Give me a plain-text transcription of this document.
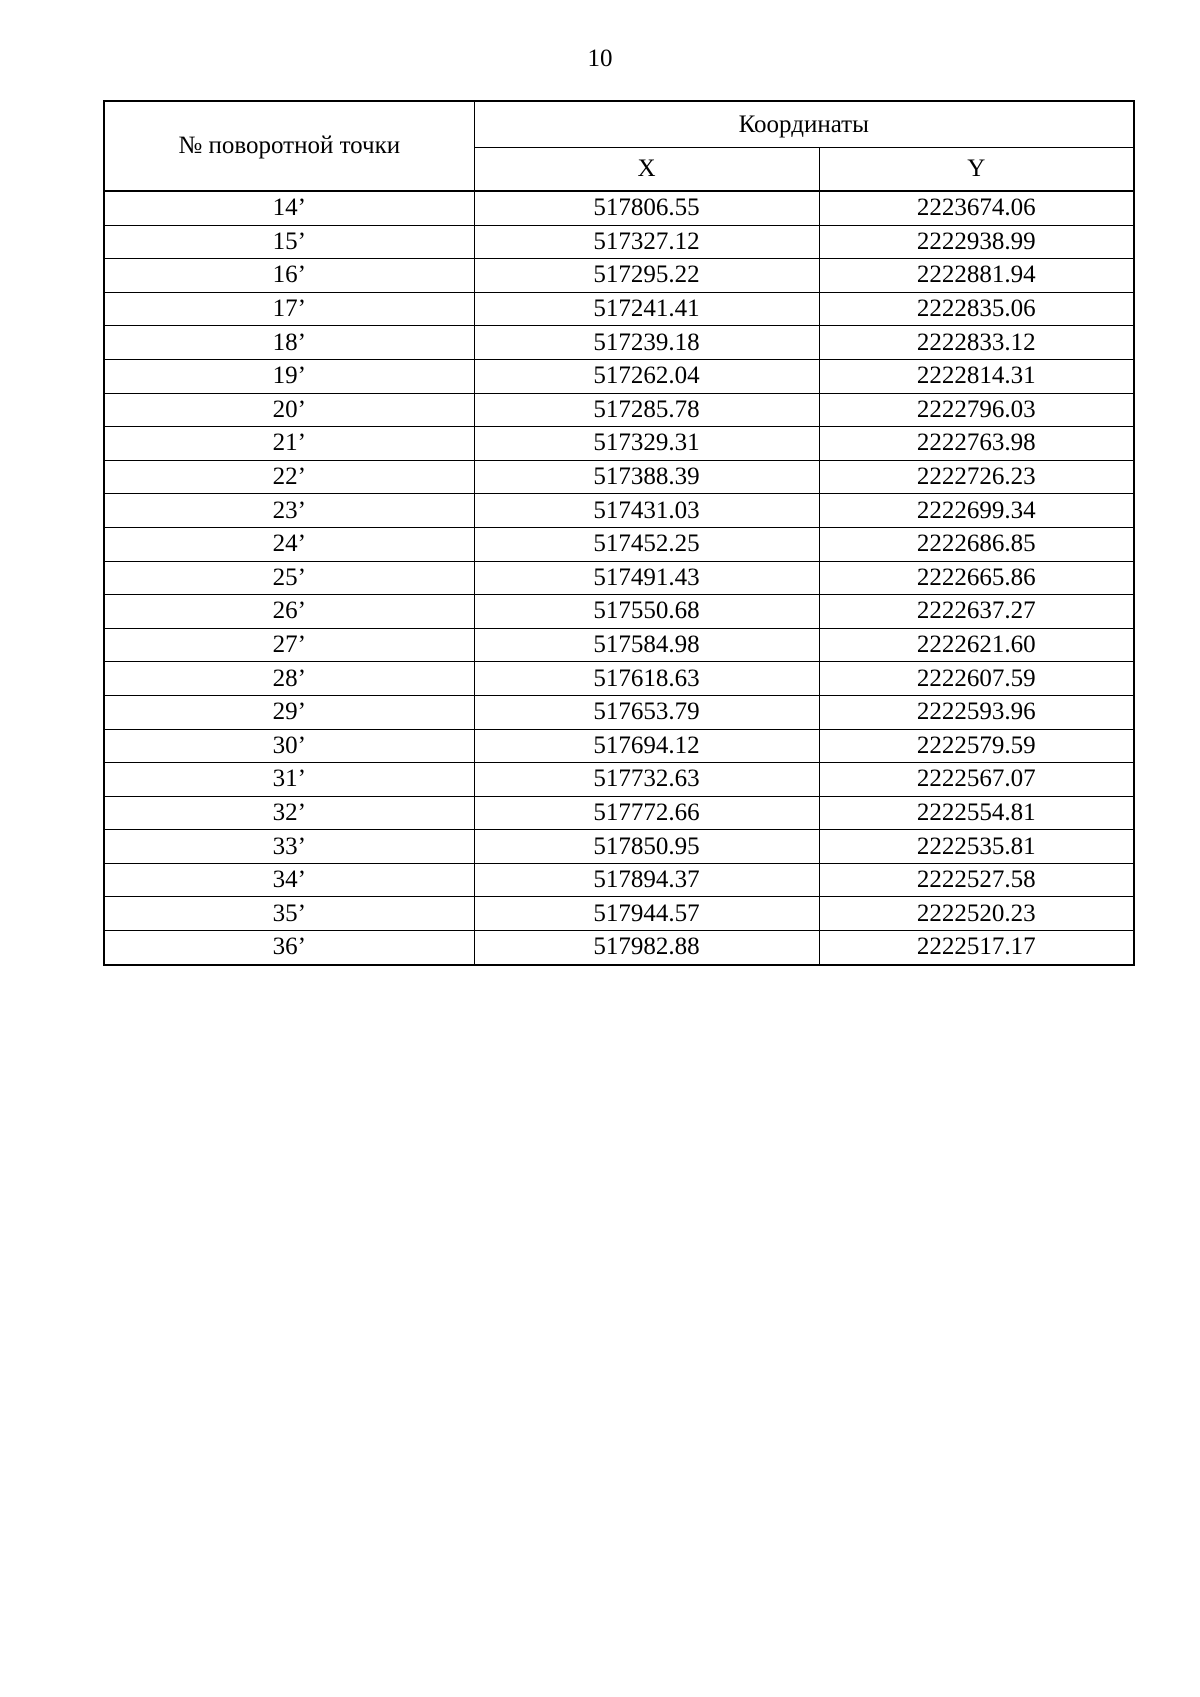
10
№ поворотной точки	Координаты	
	X	Y
14’	517806.55	2223674.06
15’	517327.12	2222938.99
16’	517295.22	2222881.94
17’	517241.41	2222835.06
18’	517239.18	2222833.12
19’	517262.04	2222814.31
20’	517285.78	2222796.03
21’	517329.31	2222763.98
22’	517388.39	2222726.23
23’	517431.03	2222699.34
24’	517452.25	2222686.85
25’	517491.43	2222665.86
26’	517550.68	2222637.27
27’	517584.98	2222621.60
28’	517618.63	2222607.59
29’	517653.79	2222593.96
30’	517694.12	2222579.59
31’	517732.63	2222567.07
32’	517772.66	2222554.81
33’	517850.95	2222535.81
34’	517894.37	2222527.58
35’	517944.57	2222520.23
36’	517982.88	2222517.17
